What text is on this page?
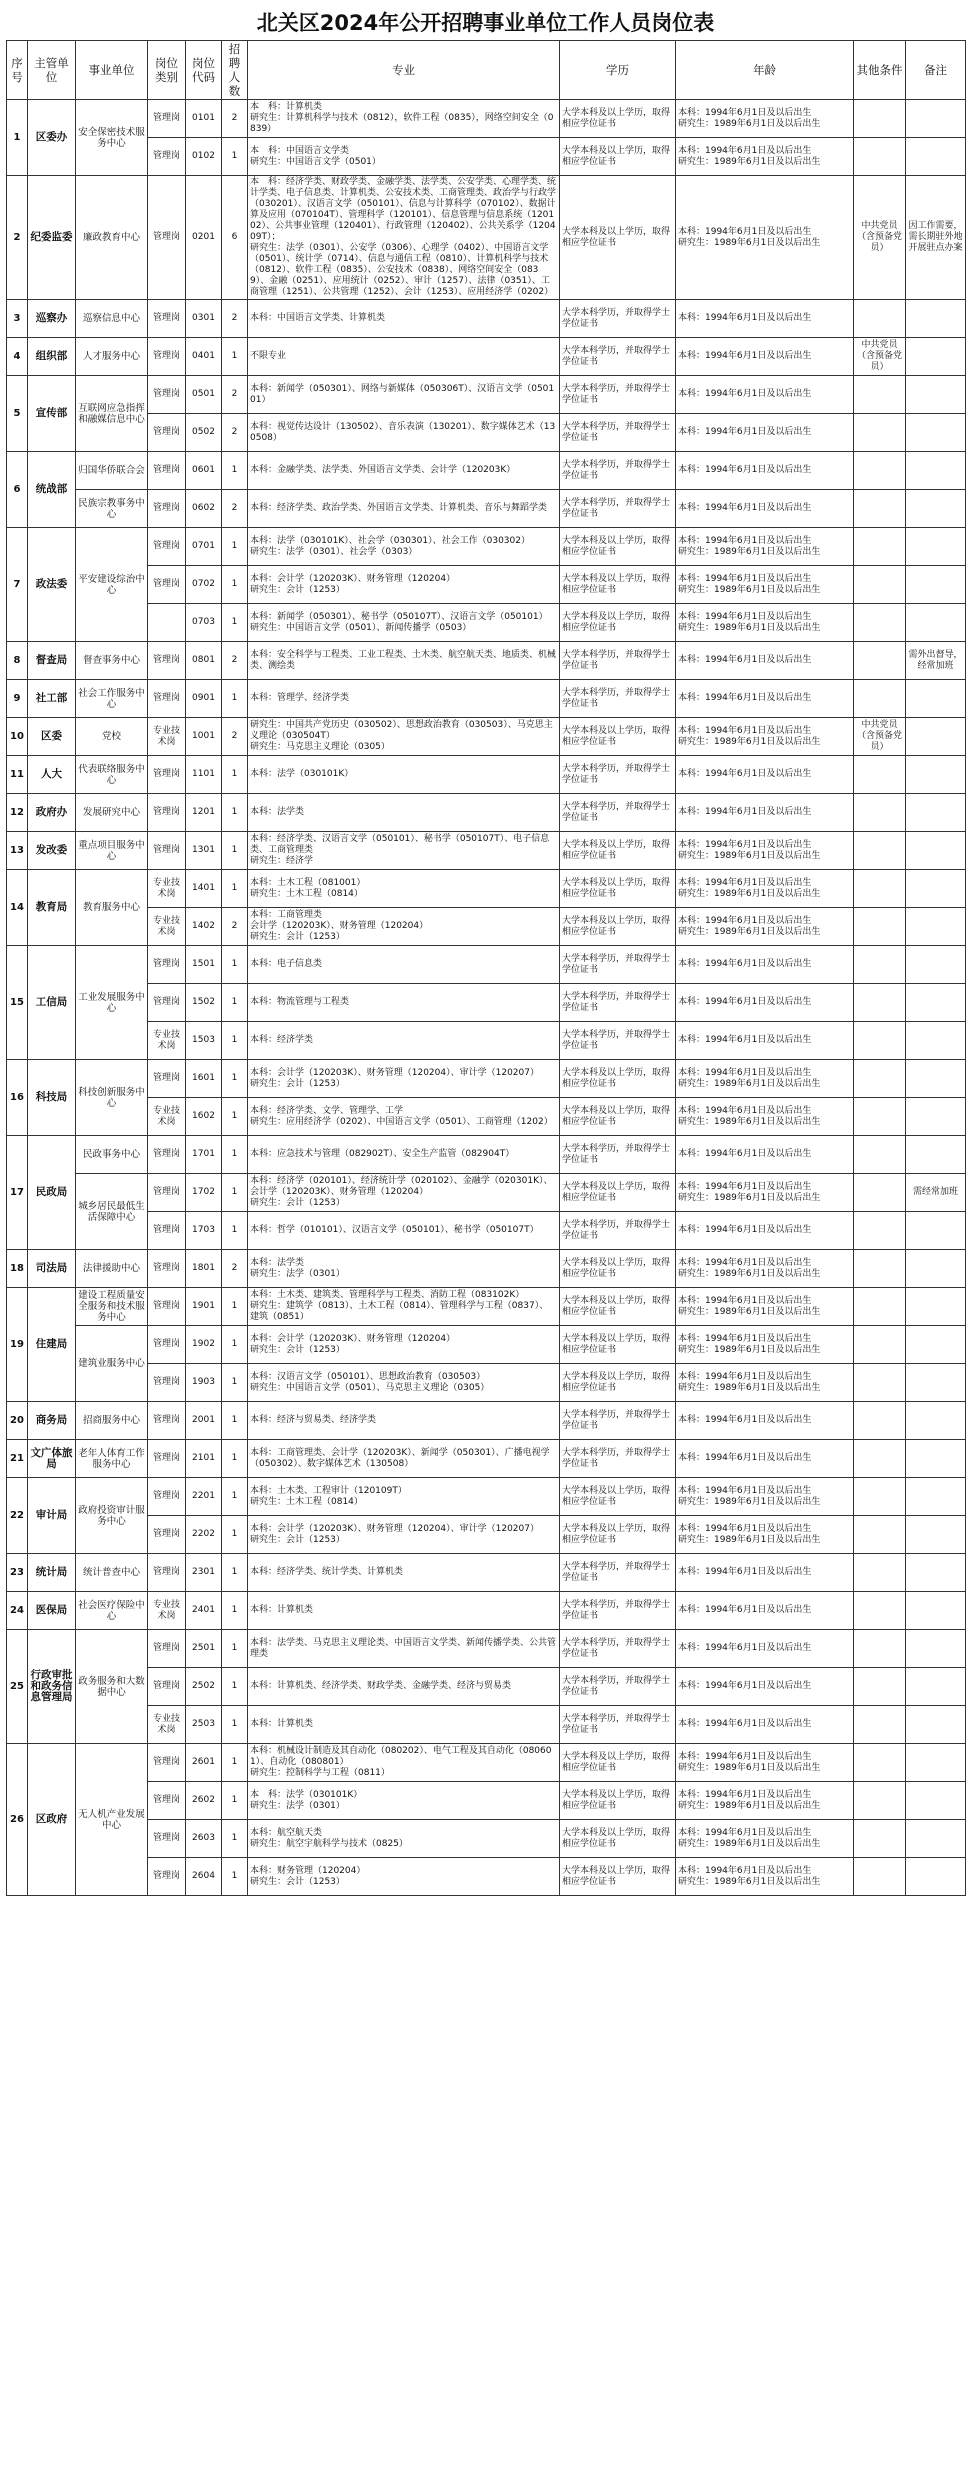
北关区2024年公开招聘事业单位工作人员岗位表
序号	主管单位	事业单位	岗位类别	岗位代码	招聘人数	专业	学历	年龄	其他条件	备注
1	区委办	安全保密技术服务中心	管理岗	0101	2	本　科：计算机类
研究生：计算机科学与技术（0812），软件工程（0835），网络空间安全（0839）	大学本科及以上学历，取得相应学位证书	本科：1994年6月1日及以后出生
研究生：1989年6月1日及以后出生		
			管理岗	0102	1	本　科：中国语言文学类
研究生：中国语言文学（0501）	大学本科及以上学历，取得相应学位证书	本科：1994年6月1日及以后出生
研究生：1989年6月1日及以后出生		
2	纪委监委	廉政教育中心	管理岗	0201	6	本　科：经济学类、财政学类、金融学类、法学类、公安学类、心理学类、统计学类、电子信息类、计算机类、公安技术类、工商管理类、政治学与行政学（030201）、汉语言文学（050101）、信息与计算科学（070102）、数据计算及应用（070104T）、管理科学（120101）、信息管理与信息系统（120102）、公共事业管理（120401）、行政管理（120402）、公共关系学（120409T）；
研究生：法学（0301）、公安学（0306）、心理学（0402）、中国语言文学（0501）、统计学（0714）、信息与通信工程（0810）、计算机科学与技术（0812）、软件工程（0835）、公安技术（0838）、网络空间安全（0839）、金融（0251）、应用统计（0252）、审计（1257）、法律（0351）、工商管理（1251）、公共管理（1252）、会计（1253）、应用经济学（0202）	大学本科及以上学历，取得相应学位证书	本科：1994年6月1日及以后出生
研究生：1989年6月1日及以后出生	中共党员（含预备党员）	因工作需要，需长期驻外地开展驻点办案
3	巡察办	巡察信息中心	管理岗	0301	2	本科：中国语言文学类、计算机类	大学本科学历，并取得学士学位证书	本科：1994年6月1日及以后出生		
4	组织部	人才服务中心	管理岗	0401	1	不限专业	大学本科学历，并取得学士学位证书	本科：1994年6月1日及以后出生	中共党员（含预备党员）	
5	宣传部	互联网应急指挥和融媒信息中心	管理岗	0501	2	本科：新闻学（050301）、网络与新媒体（050306T）、汉语言文学（050101）	大学本科学历，并取得学士学位证书	本科：1994年6月1日及以后出生		
			管理岗	0502	2	本科：视觉传达设计（130502）、音乐表演（130201）、数字媒体艺术（130508）	大学本科学历，并取得学士学位证书	本科：1994年6月1日及以后出生		
6	统战部	归国华侨联合会	管理岗	0601	1	本科：金融学类、法学类、外国语言文学类、会计学（120203K）	大学本科学历，并取得学士学位证书	本科：1994年6月1日及以后出生		
		民族宗教事务中心	管理岗	0602	2	本科：经济学类、政治学类、外国语言文学类、计算机类、音乐与舞蹈学类	大学本科学历，并取得学士学位证书	本科：1994年6月1日及以后出生		
7	政法委	平安建设综治中心	管理岗	0701	1	本科：法学（030101K）、社会学（030301）、社会工作（030302）
研究生：法学（0301）、社会学（0303）	大学本科及以上学历，取得相应学位证书	本科：1994年6月1日及以后出生
研究生：1989年6月1日及以后出生		
			管理岗	0702	1	本科：会计学（120203K）、财务管理（120204）
研究生：会计（1253）	大学本科及以上学历，取得相应学位证书	本科：1994年6月1日及以后出生
研究生：1989年6月1日及以后出生		
				0703	1	本科：新闻学（050301）、秘书学（050107T）、汉语言文学（050101）
研究生：中国语言文学（0501）、新闻传播学（0503）	大学本科及以上学历，取得相应学位证书	本科：1994年6月1日及以后出生
研究生：1989年6月1日及以后出生		
8	督查局	督查事务中心	管理岗	0801	2	本科：安全科学与工程类、工业工程类、土木类、航空航天类、地质类、机械类、测绘类	大学本科学历，并取得学士学位证书	本科：1994年6月1日及以后出生		需外出督导，经常加班
9	社工部	社会工作服务中心	管理岗	0901	1	本科：管理学、经济学类	大学本科学历，并取得学士学位证书	本科：1994年6月1日及以后出生		
10	区委	党校	专业技术岗	1001	2	研究生：中国共产党历史（030502）、思想政治教育（030503）、马克思主义理论（030504T）
研究生：马克思主义理论（0305）	大学本科及以上学历，取得相应学位证书	本科：1994年6月1日及以后出生
研究生：1989年6月1日及以后出生	中共党员（含预备党员）	
11	人大	代表联络服务中心	管理岗	1101	1	本科：法学（030101K）	大学本科学历，并取得学士学位证书	本科：1994年6月1日及以后出生		
12	政府办	发展研究中心	管理岗	1201	1	本科：法学类	大学本科学历，并取得学士学位证书	本科：1994年6月1日及以后出生		
13	发改委	重点项目服务中心	管理岗	1301	1	本科：经济学类、汉语言文学（050101）、秘书学（050107T）、电子信息类、工商管理类
研究生：经济学	大学本科及以上学历，取得相应学位证书	本科：1994年6月1日及以后出生
研究生：1989年6月1日及以后出生		
14	教育局	教育服务中心	专业技术岗	1401	1	本科：土木工程（081001）
研究生：土木工程（0814）	大学本科及以上学历，取得相应学位证书	本科：1994年6月1日及以后出生
研究生：1989年6月1日及以后出生		
			专业技术岗	1402	2	本科：工商管理类
会计学（120203K）、财务管理（120204）
研究生：会计（1253）	大学本科及以上学历，取得相应学位证书	本科：1994年6月1日及以后出生
研究生：1989年6月1日及以后出生		
15	工信局	工业发展服务中心	管理岗	1501	1	本科：电子信息类	大学本科学历，并取得学士学位证书	本科：1994年6月1日及以后出生		
			管理岗	1502	1	本科：物流管理与工程类	大学本科学历，并取得学士学位证书	本科：1994年6月1日及以后出生		
			专业技术岗	1503	1	本科：经济学类	大学本科学历，并取得学士学位证书	本科：1994年6月1日及以后出生		
16	科技局	科技创新服务中心	管理岗	1601	1	本科：会计学（120203K）、财务管理（120204）、审计学（120207）
研究生：会计（1253）	大学本科及以上学历，取得相应学位证书	本科：1994年6月1日及以后出生
研究生：1989年6月1日及以后出生		
			专业技术岗	1602	1	本科：经济学类、文学、管理学、工学
研究生：应用经济学（0202）、中国语言文学（0501）、工商管理（1202）	大学本科及以上学历，取得相应学位证书	本科：1994年6月1日及以后出生
研究生：1989年6月1日及以后出生		
17	民政局	民政事务中心	管理岗	1701	1	本科：应急技术与管理（082902T）、安全生产监管（082904T）	大学本科学历，并取得学士学位证书	本科：1994年6月1日及以后出生		
		城乡居民最低生活保障中心	管理岗	1702	1	本科：经济学（020101）、经济统计学（020102）、金融学（020301K）、会计学（120203K）、财务管理（120204）
研究生：会计（1253）	大学本科及以上学历，取得相应学位证书	本科：1994年6月1日及以后出生
研究生：1989年6月1日及以后出生		需经常加班
			管理岗	1703	1	本科：哲学（010101）、汉语言文学（050101）、秘书学（050107T）	大学本科学历，并取得学士学位证书	本科：1994年6月1日及以后出生		
18	司法局	法律援助中心	管理岗	1801	2	本科：法学类
研究生：法学（0301）	大学本科及以上学历，取得相应学位证书	本科：1994年6月1日及以后出生
研究生：1989年6月1日及以后出生		
19	住建局	建设工程质量安全服务和技术服务中心	管理岗	1901	1	本科：土木类、建筑类、管理科学与工程类、消防工程（083102K）
研究生：建筑学（0813）、土木工程（0814）、管理科学与工程（0837）、建筑（0851）	大学本科及以上学历，取得相应学位证书	本科：1994年6月1日及以后出生
研究生：1989年6月1日及以后出生		
		建筑业服务中心	管理岗	1902	1	本科：会计学（120203K）、财务管理（120204）
研究生：会计（1253）	大学本科及以上学历，取得相应学位证书	本科：1994年6月1日及以后出生
研究生：1989年6月1日及以后出生		
			管理岗	1903	1	本科：汉语言文学（050101）、思想政治教育（030503）
研究生：中国语言文学（0501）、马克思主义理论（0305）	大学本科及以上学历，取得相应学位证书	本科：1994年6月1日及以后出生
研究生：1989年6月1日及以后出生		
20	商务局	招商服务中心	管理岗	2001	1	本科：经济与贸易类、经济学类	大学本科学历，并取得学士学位证书	本科：1994年6月1日及以后出生		
21	文广体旅局	老年人体育工作服务中心	管理岗	2101	1	本科：工商管理类、会计学（120203K）、新闻学（050301）、广播电视学（050302）、数字媒体艺术（130508）	大学本科学历，并取得学士学位证书	本科：1994年6月1日及以后出生		
22	审计局	政府投资审计服务中心	管理岗	2201	1	本科：土木类、工程审计（120109T）
研究生：土木工程（0814）	大学本科及以上学历，取得相应学位证书	本科：1994年6月1日及以后出生
研究生：1989年6月1日及以后出生		
			管理岗	2202	1	本科：会计学（120203K）、财务管理（120204）、审计学（120207）
研究生：会计（1253）	大学本科及以上学历，取得相应学位证书	本科：1994年6月1日及以后出生
研究生：1989年6月1日及以后出生		
23	统计局	统计普查中心	管理岗	2301	1	本科：经济学类、统计学类、计算机类	大学本科学历，并取得学士学位证书	本科：1994年6月1日及以后出生		
24	医保局	社会医疗保险中心	专业技术岗	2401	1	本科：计算机类	大学本科学历，并取得学士学位证书	本科：1994年6月1日及以后出生		
25	行政审批和政务信息管理局	政务服务和大数据中心	管理岗	2501	1	本科：法学类、马克思主义理论类、中国语言文学类、新闻传播学类、公共管理类	大学本科学历，并取得学士学位证书	本科：1994年6月1日及以后出生		
			管理岗	2502	1	本科：计算机类、经济学类、财政学类、金融学类、经济与贸易类	大学本科学历，并取得学士学位证书	本科：1994年6月1日及以后出生		
			专业技术岗	2503	1	本科：计算机类	大学本科学历，并取得学士学位证书	本科：1994年6月1日及以后出生		
26	区政府	无人机产业发展中心	管理岗	2601	1	本科：机械设计制造及其自动化（080202）、电气工程及其自动化（080601）、自动化（080801）
研究生：控制科学与工程（0811）	大学本科及以上学历，取得相应学位证书	本科：1994年6月1日及以后出生
研究生：1989年6月1日及以后出生		
			管理岗	2602	1	本　科：法学（030101K）
研究生：法学（0301）	大学本科及以上学历，取得相应学位证书	本科：1994年6月1日及以后出生
研究生：1989年6月1日及以后出生		
			管理岗	2603	1	本科：航空航天类
研究生：航空宇航科学与技术（0825）	大学本科及以上学历，取得相应学位证书	本科：1994年6月1日及以后出生
研究生：1989年6月1日及以后出生		
			管理岗	2604	1	本科：财务管理（120204）
研究生：会计（1253）	大学本科及以上学历，取得相应学位证书	本科：1994年6月1日及以后出生
研究生：1989年6月1日及以后出生		
